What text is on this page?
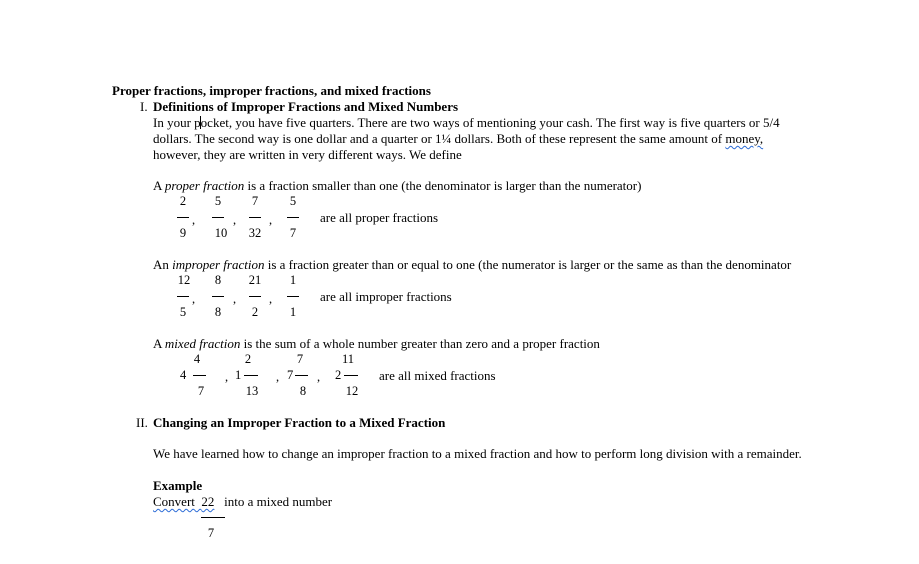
Proper fractions, improper fractions, and mixed fractions
I. Definitions of Improper Fractions and Mixed Numbers
In your pocket, you have five quarters. There are two ways of mentioning your cash. The first way is five quarters or 5/4
dollars. The second way is one dollar and a quarter or 1¼ dollars. Both of these represent the same amount of money,
however, they are written in very different ways. We define
A proper fraction is a fraction smaller than one (the denominator is larger than the numerator)
2
9
,
5
10
,
7
32
,
5
7
are all proper fractions
An improper fraction is a fraction greater than or equal to one (the numerator is larger or the same as than the denominator
12
5
,
8
8
,
21
2
,
1
1
are all improper fractions
A mixed fraction is the sum of a whole number greater than zero and a proper fraction
4
4
7
, 1
2
13
, 7
7
8
, 2
11
12
are all mixed fractions
II. Changing an Improper Fraction to a Mixed Fraction
We have learned how to change an improper fraction to a mixed fraction and how to perform long division with a remainder.
Example
Convert 22 into a mixed number
7
